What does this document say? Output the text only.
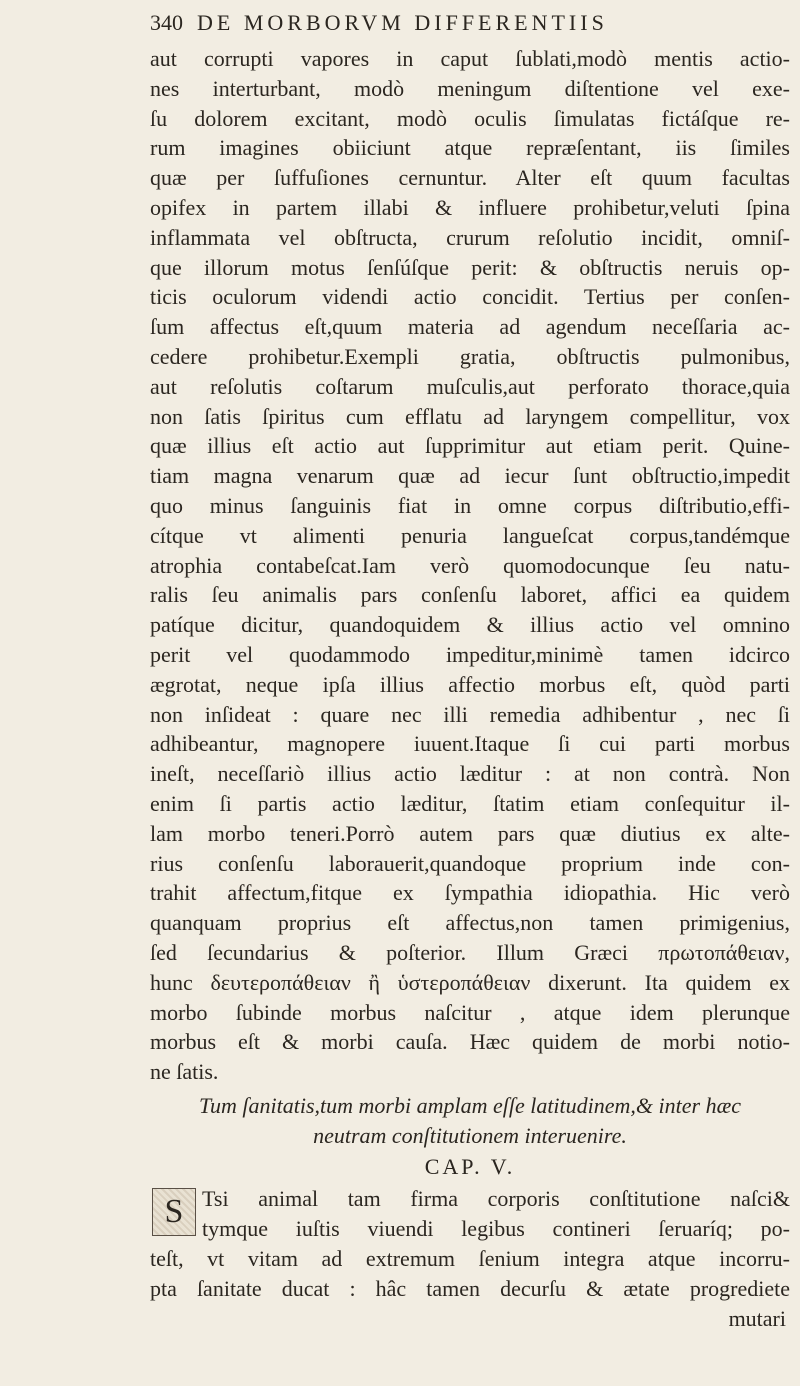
340 DE MORBORVM DIFFERENTIIS
aut corrupti vapores in caput ſublati,modò mentis actio-
nes interturbant, modò meningum diſtentione vel exe-
ſu dolorem excitant, modò oculis ſimulatas fictáſque re-
rum imagines obiiciunt atque repræſentant, iis ſimiles
quæ per ſuffuſiones cernuntur. Alter eſt quum facultas
opifex in partem illabi & influere prohibetur,veluti ſpina
inflammata vel obſtructa, crurum reſolutio incidit, omniſ-
que illorum motus ſenſúſque perit: & obſtructis neruis op-
ticis oculorum videndi actio concidit. Tertius per conſen-
ſum affectus eſt,quum materia ad agendum neceſſaria ac-
cedere prohibetur.Exempli gratia, obſtructis pulmonibus,
aut reſolutis coſtarum muſculis,aut perforato thorace,quia
non ſatis ſpiritus cum efflatu ad laryngem compellitur, vox
quæ illius eſt actio aut ſupprimitur aut etiam perit. Quine-
tiam magna venarum quæ ad iecur ſunt obſtructio,impedit
quo minus ſanguinis fiat in omne corpus diſtributio,effi-
cítque vt alimenti penuria langueſcat corpus,tandémque
atrophia contabeſcat.Iam verò quomodocunque ſeu natu-
ralis ſeu animalis pars conſenſu laboret, affici ea quidem
patíque dicitur, quandoquidem & illius actio vel omnino
perit vel quodammodo impeditur,minimè tamen idcirco
ægrotat, neque ipſa illius affectio morbus eſt, quòd parti
non inſideat : quare nec illi remedia adhibentur , nec ſi
adhibeantur, magnopere iuuent.Itaque ſi cui parti morbus
ineſt, neceſſariò illius actio læditur : at non contrà. Non
enim ſi partis actio læditur, ſtatim etiam conſequitur il-
lam morbo teneri.Porrò autem pars quæ diutius ex alte-
rius conſenſu laborauerit,quandoque proprium inde con-
trahit affectum,fitque ex ſympathia idiopathia. Hic verò
quanquam proprius eſt affectus,non tamen primigenius,
ſed ſecundarius & poſterior. Illum Græci πρωτοπάθειαν,
hunc δευτεροπάθειαν ἢ ὑστεροπάθειαν dixerunt. Ita quidem ex
morbo ſubinde morbus naſcitur , atque idem plerunque
morbus eſt & morbi cauſa. Hæc quidem de morbi notio-
ne ſatis.
Tum ſanitatis,tum morbi amplam eſſe latitudinem,& inter hæc
neutram conſtitutionem interuenire.
CAP. V.
S Tsi animal tam firma corporis conſtitutione naſci&
tymque iuſtis viuendi legibus contineri ſeruaríq; po-
teſt, vt vitam ad extremum ſenium integra atque incorru-
pta ſanitate ducat : hâc tamen decurſu & ætate progrediete
mutari
